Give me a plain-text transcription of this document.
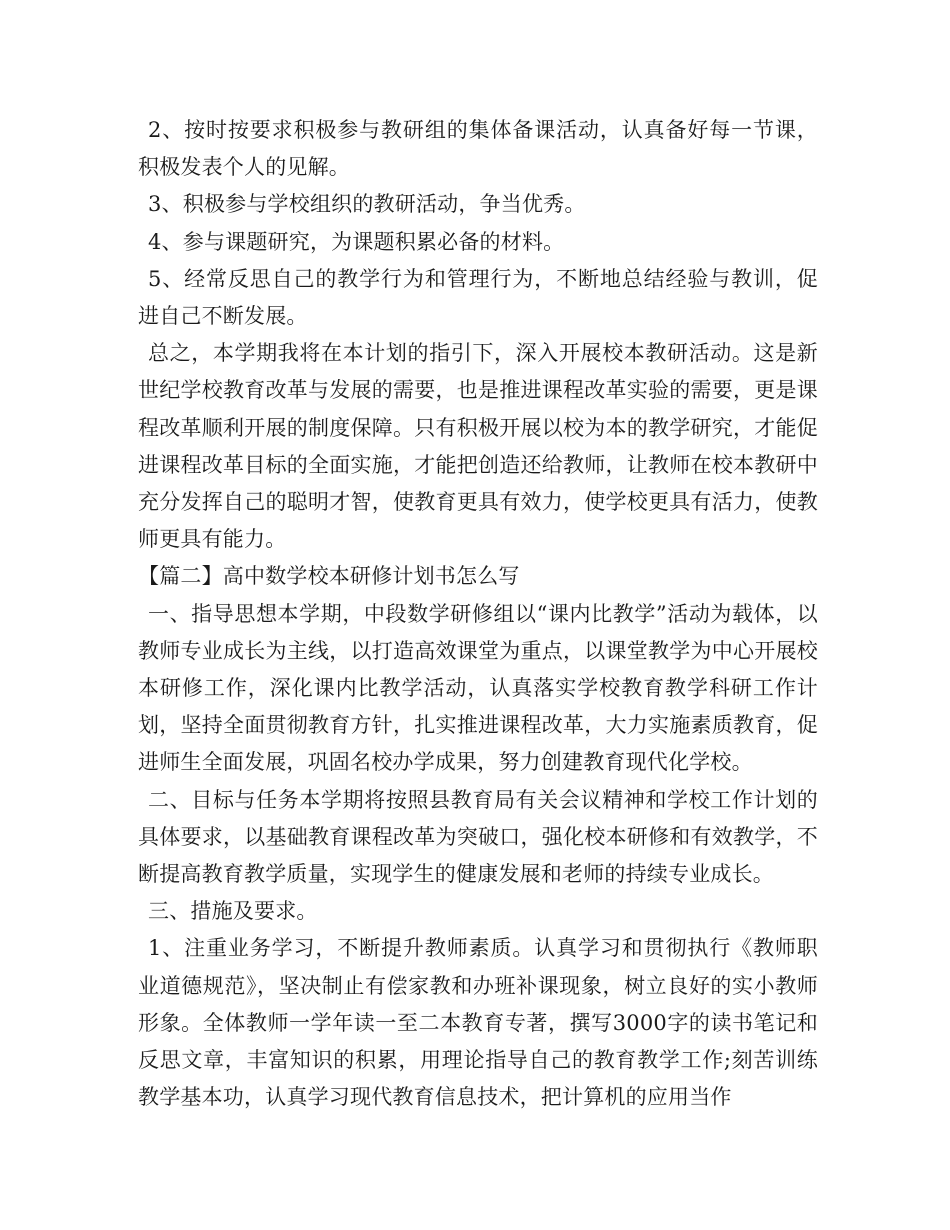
2、按时按要求积极参与教研组的集体备课活动，认真备好每一节课，积极发表个人的见解。

3、积极参与学校组织的教研活动，争当优秀。

4、参与课题研究，为课题积累必备的材料。

5、经常反思自己的教学行为和管理行为，不断地总结经验与教训，促进自己不断发展。

总之，本学期我将在本计划的指引下，深入开展校本教研活动。这是新世纪学校教育改革与发展的需要，也是推进课程改革实验的需要，更是课程改革顺利开展的制度保障。只有积极开展以校为本的教学研究，才能促进课程改革目标的全面实施，才能把创造还给教师，让教师在校本教研中充分发挥自己的聪明才智，使教育更具有效力，使学校更具有活力，使教师更具有能力。

【篇二】高中数学校本研修计划书怎么写

一、指导思想本学期，中段数学研修组以“课内比教学”活动为载体，以教师专业成长为主线，以打造高效课堂为重点，以课堂教学为中心开展校本研修工作，深化课内比教学活动，认真落实学校教育教学科研工作计划，坚持全面贯彻教育方针，扎实推进课程改革，大力实施素质教育，促进师生全面发展，巩固名校办学成果，努力创建教育现代化学校。

二、目标与任务本学期将按照县教育局有关会议精神和学校工作计划的具体要求，以基础教育课程改革为突破口，强化校本研修和有效教学，不断提高教育教学质量，实现学生的健康发展和老师的持续专业成长。

三、措施及要求。

1、注重业务学习，不断提升教师素质。认真学习和贯彻执行《教师职业道德规范》，坚决制止有偿家教和办班补课现象，树立良好的实小教师形象。全体教师一学年读一至二本教育专著，撰写3000字的读书笔记和反思文章，丰富知识的积累，用理论指导自己的教育教学工作;刻苦训练教学基本功，认真学习现代教育信息技术，把计算机的应用当作
